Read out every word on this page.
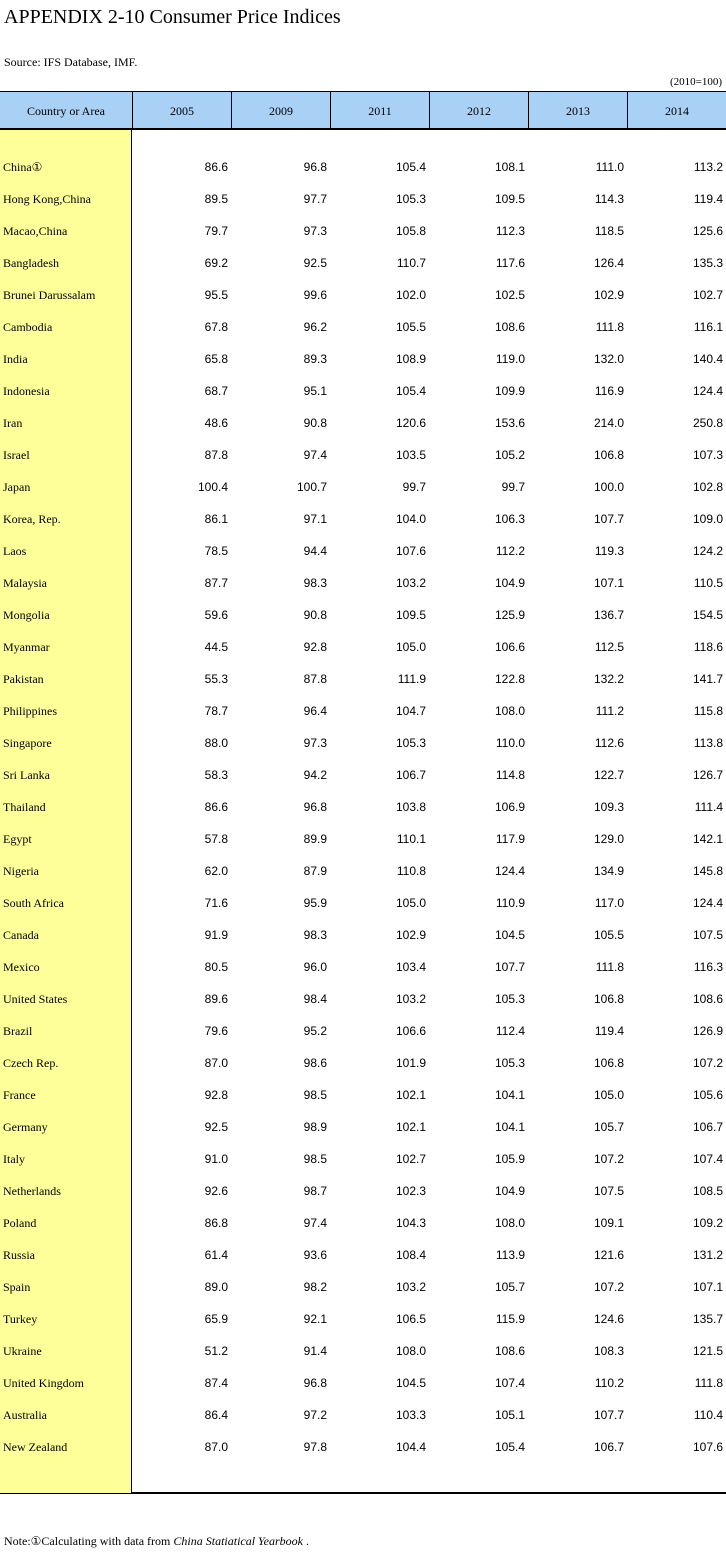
APPENDIX 2-10 Consumer Price Indices
Source: IFS Database, IMF.
(2010=100)
Country or Area	2005	2009	2011	2012	2013	2014
China①	86.6	96.8	105.4	108.1	111.0	113.2
Hong Kong,China	89.5	97.7	105.3	109.5	114.3	119.4
Macao,China	79.7	97.3	105.8	112.3	118.5	125.6
Bangladesh	69.2	92.5	110.7	117.6	126.4	135.3
Brunei Darussalam	95.5	99.6	102.0	102.5	102.9	102.7
Cambodia	67.8	96.2	105.5	108.6	111.8	116.1
India	65.8	89.3	108.9	119.0	132.0	140.4
Indonesia	68.7	95.1	105.4	109.9	116.9	124.4
Iran	48.6	90.8	120.6	153.6	214.0	250.8
Israel	87.8	97.4	103.5	105.2	106.8	107.3
Japan	100.4	100.7	99.7	99.7	100.0	102.8
Korea, Rep.	86.1	97.1	104.0	106.3	107.7	109.0
Laos	78.5	94.4	107.6	112.2	119.3	124.2
Malaysia	87.7	98.3	103.2	104.9	107.1	110.5
Mongolia	59.6	90.8	109.5	125.9	136.7	154.5
Myanmar	44.5	92.8	105.0	106.6	112.5	118.6
Pakistan	55.3	87.8	111.9	122.8	132.2	141.7
Philippines	78.7	96.4	104.7	108.0	111.2	115.8
Singapore	88.0	97.3	105.3	110.0	112.6	113.8
Sri Lanka	58.3	94.2	106.7	114.8	122.7	126.7
Thailand	86.6	96.8	103.8	106.9	109.3	111.4
Egypt	57.8	89.9	110.1	117.9	129.0	142.1
Nigeria	62.0	87.9	110.8	124.4	134.9	145.8
South Africa	71.6	95.9	105.0	110.9	117.0	124.4
Canada	91.9	98.3	102.9	104.5	105.5	107.5
Mexico	80.5	96.0	103.4	107.7	111.8	116.3
United States	89.6	98.4	103.2	105.3	106.8	108.6
Brazil	79.6	95.2	106.6	112.4	119.4	126.9
Czech Rep.	87.0	98.6	101.9	105.3	106.8	107.2
France	92.8	98.5	102.1	104.1	105.0	105.6
Germany	92.5	98.9	102.1	104.1	105.7	106.7
Italy	91.0	98.5	102.7	105.9	107.2	107.4
Netherlands	92.6	98.7	102.3	104.9	107.5	108.5
Poland	86.8	97.4	104.3	108.0	109.1	109.2
Russia	61.4	93.6	108.4	113.9	121.6	131.2
Spain	89.0	98.2	103.2	105.7	107.2	107.1
Turkey	65.9	92.1	106.5	115.9	124.6	135.7
Ukraine	51.2	91.4	108.0	108.6	108.3	121.5
United Kingdom	87.4	96.8	104.5	107.4	110.2	111.8
Australia	86.4	97.2	103.3	105.1	107.7	110.4
New Zealand	87.0	97.8	104.4	105.4	106.7	107.6
Note:①Calculating with data from China Statiatical Yearbook .
